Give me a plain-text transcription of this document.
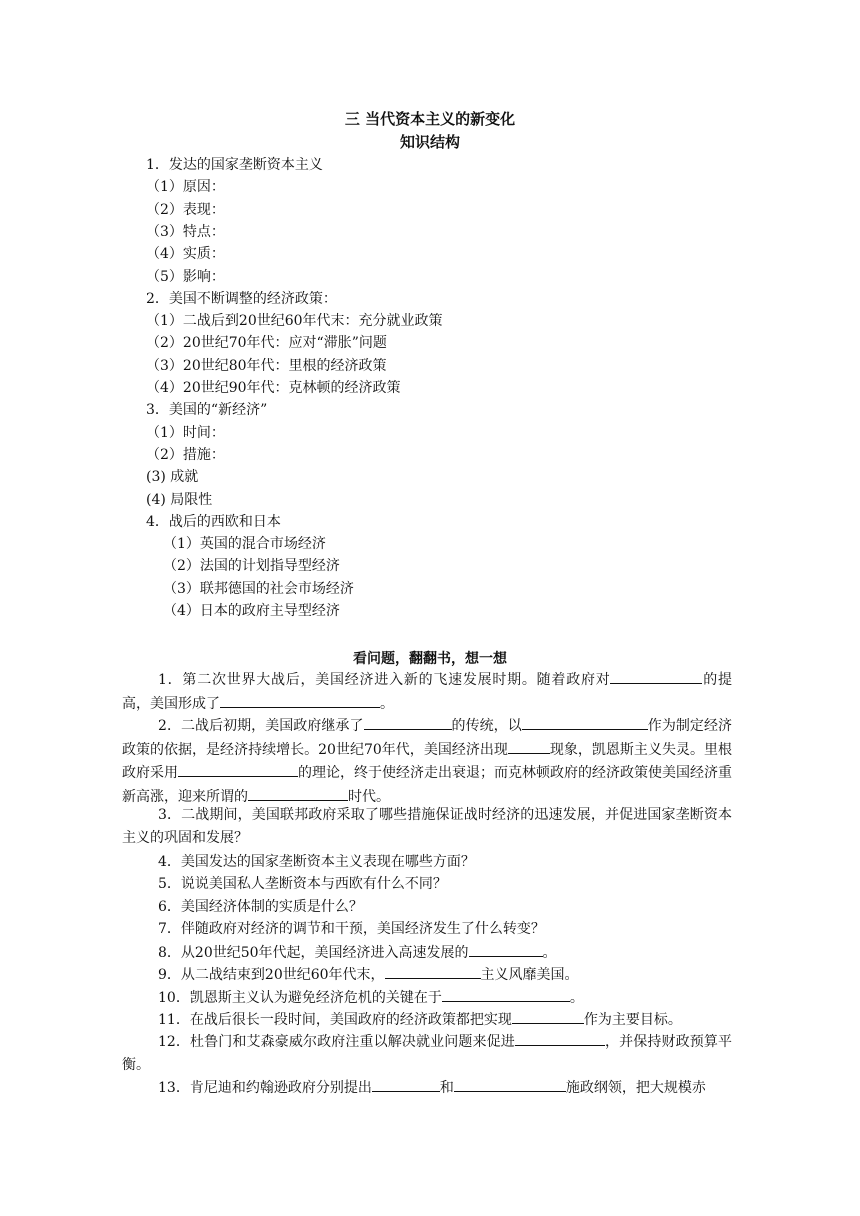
三 当代资本主义的新变化
知识结构
1．发达的国家垄断资本主义
（1）原因：
（2）表现：
（3）特点：
（4）实质：
（5）影响：
2．美国不断调整的经济政策：
（1）二战后到20世纪60年代末：充分就业政策
（2）20世纪70年代：应对“滞胀”问题
（3）20世纪80年代：里根的经济政策
（4）20世纪90年代：克林顿的经济政策
3．美国的“新经济”
（1）时间：
（2）措施：
(3) 成就
(4) 局限性
4．战后的西欧和日本
（1）英国的混合市场经济
（2）法国的计划指导型经济
（3）联邦德国的社会市场经济
（4）日本的政府主导型经济
看问题，翻翻书，想一想
1．第二次世界大战后，美国经济进入新的飞速发展时期。随着政府对	的提高，美国形成了	。
2．二战后初期，美国政府继承了	的传统，以	作为制定经济政策的依据，是经济持续增长。20世纪70年代，美国经济出现	现象，凯恩斯主义失灵。里根政府采用	的理论，终于使经济走出衰退；而克林顿政府的经济政策使美国经济重新高涨，迎来所谓的	时代。
3．二战期间，美国联邦政府采取了哪些措施保证战时经济的迅速发展，并促进国家垄断资本主义的巩固和发展？
4．美国发达的国家垄断资本主义表现在哪些方面？
5．说说美国私人垄断资本与西欧有什么不同？
6．美国经济体制的实质是什么？
7．伴随政府对经济的调节和干预，美国经济发生了什么转变？
8．从20世纪50年代起，美国经济进入高速发展的	。
9．从二战结束到20世纪60年代末，	主义风靡美国。
10．凯恩斯主义认为避免经济危机的关键在于	。
11．在战后很长一段时间，美国政府的经济政策都把实现	作为主要目标。
12．杜鲁门和艾森豪威尔政府注重以解决就业问题来促进	，并保持财政预算平衡。
13．肯尼迪和约翰逊政府分别提出	和	施政纲领，把大规模赤
